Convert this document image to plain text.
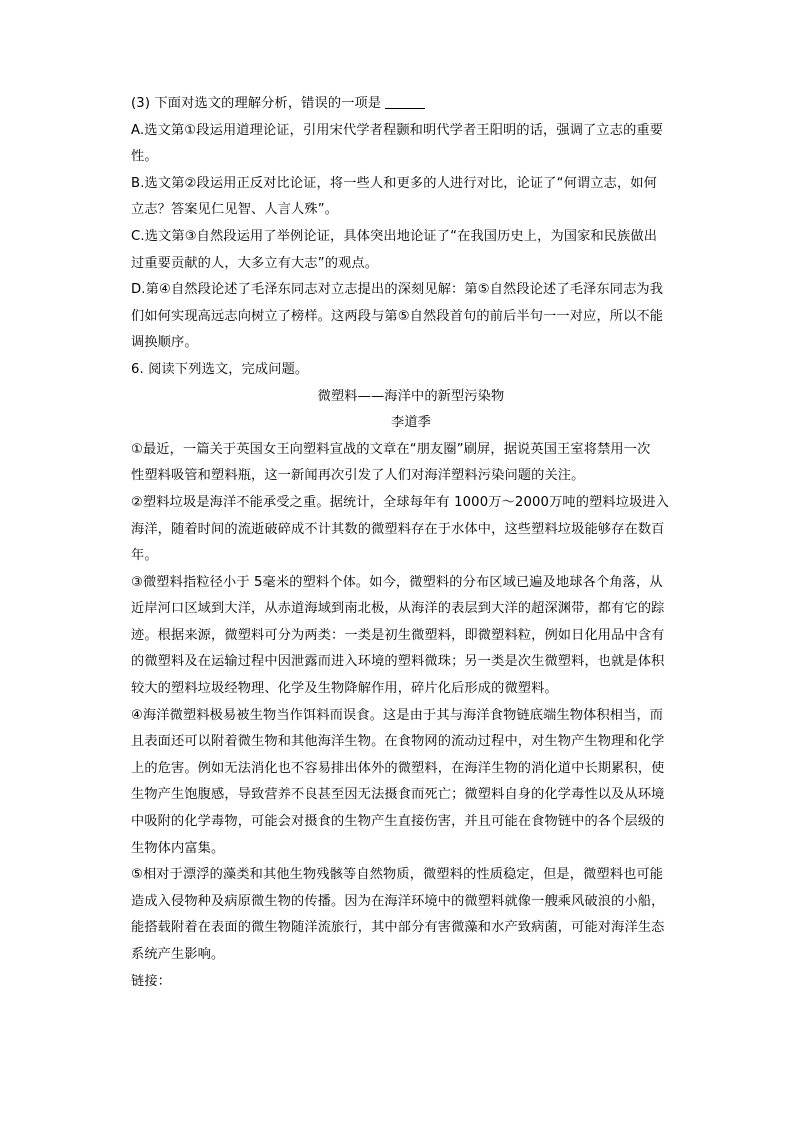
(3) 下面对选文的理解分析，错误的一项是
A.选文第①段运用道理论证，引用宋代学者程颢和明代学者王阳明的话，强调了立志的重要
性。
B.选文第②段运用正反对比论证，将一些人和更多的人进行对比，论证了“何谓立志，如何
立志？答案见仁见智、人言人殊”。
C.选文第③自然段运用了举例论证，具体突出地论证了“在我国历史上，为国家和民族做出
过重要贡献的人，大多立有大志”的观点。
D.第④自然段论述了毛泽东同志对立志提出的深刻见解：第⑤自然段论述了毛泽东同志为我
们如何实现高远志向树立了榜样。这两段与第⑤自然段首句的前后半句一一对应，所以不能
调换顺序。
6. 阅读下列选文，完成问题。
微塑料——海洋中的新型污染物
李道季
①最近，一篇关于英国女王向塑料宣战的文章在“朋友圈”刷屏，据说英国王室将禁用一次
性塑料吸管和塑料瓶，这一新闻再次引发了人们对海洋塑料污染问题的关注。
②塑料垃圾是海洋不能承受之重。据统计，全球每年有 1000万～2000万吨的塑料垃圾进入
海洋，随着时间的流逝破碎成不计其数的微塑料存在于水体中，这些塑料垃圾能够存在数百
年。
③微塑料指粒径小于 5毫米的塑料个体。如今，微塑料的分布区域已遍及地球各个角落，从
近岸河口区域到大洋，从赤道海域到南北极，从海洋的表层到大洋的超深渊带，都有它的踪
迹。根据来源，微塑料可分为两类：一类是初生微塑料，即微塑料粒，例如日化用品中含有
的微塑料及在运输过程中因泄露而进入环境的塑料微珠；另一类是次生微塑料，也就是体积
较大的塑料垃圾经物理、化学及生物降解作用，碎片化后形成的微塑料。
④海洋微塑料极易被生物当作饵料而误食。这是由于其与海洋食物链底端生物体积相当，而
且表面还可以附着微生物和其他海洋生物。在食物网的流动过程中，对生物产生物理和化学
上的危害。例如无法消化也不容易排出体外的微塑料，在海洋生物的消化道中长期累积，使
生物产生饱腹感，导致营养不良甚至因无法摄食而死亡；微塑料自身的化学毒性以及从环境
中吸附的化学毒物，可能会对摄食的生物产生直接伤害，并且可能在食物链中的各个层级的
生物体内富集。
⑤相对于漂浮的藻类和其他生物残骸等自然物质，微塑料的性质稳定，但是，微塑料也可能
造成入侵物种及病原微生物的传播。因为在海洋环境中的微塑料就像一艘乘风破浪的小船，
能搭载附着在表面的微生物随洋流旅行，其中部分有害微藻和水产致病菌，可能对海洋生态
系统产生影响。
链接：
